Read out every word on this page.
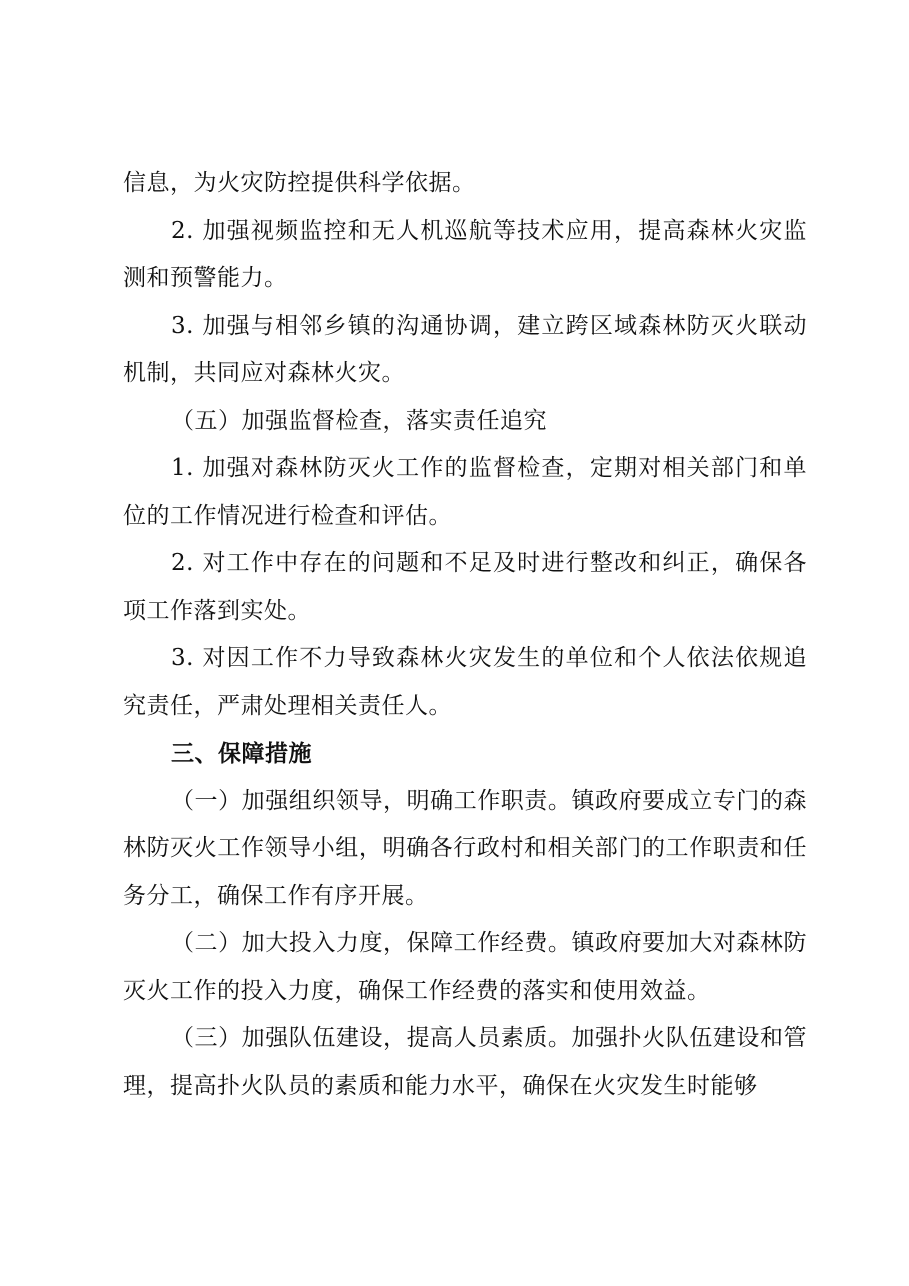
信息，为火灾防控提供科学依据。

2. 加强视频监控和无人机巡航等技术应用，提高森林火灾监测和预警能力。

3. 加强与相邻乡镇的沟通协调，建立跨区域森林防灭火联动机制，共同应对森林火灾。

（五）加强监督检查，落实责任追究

1. 加强对森林防灭火工作的监督检查，定期对相关部门和单位的工作情况进行检查和评估。

2. 对工作中存在的问题和不足及时进行整改和纠正，确保各项工作落到实处。

3. 对因工作不力导致森林火灾发生的单位和个人依法依规追究责任，严肃处理相关责任人。

三、保障措施

（一）加强组织领导，明确工作职责。镇政府要成立专门的森林防灭火工作领导小组，明确各行政村和相关部门的工作职责和任务分工，确保工作有序开展。

（二）加大投入力度，保障工作经费。镇政府要加大对森林防灭火工作的投入力度，确保工作经费的落实和使用效益。

（三）加强队伍建设，提高人员素质。加强扑火队伍建设和管理，提高扑火队员的素质和能力水平，确保在火灾发生时能够
